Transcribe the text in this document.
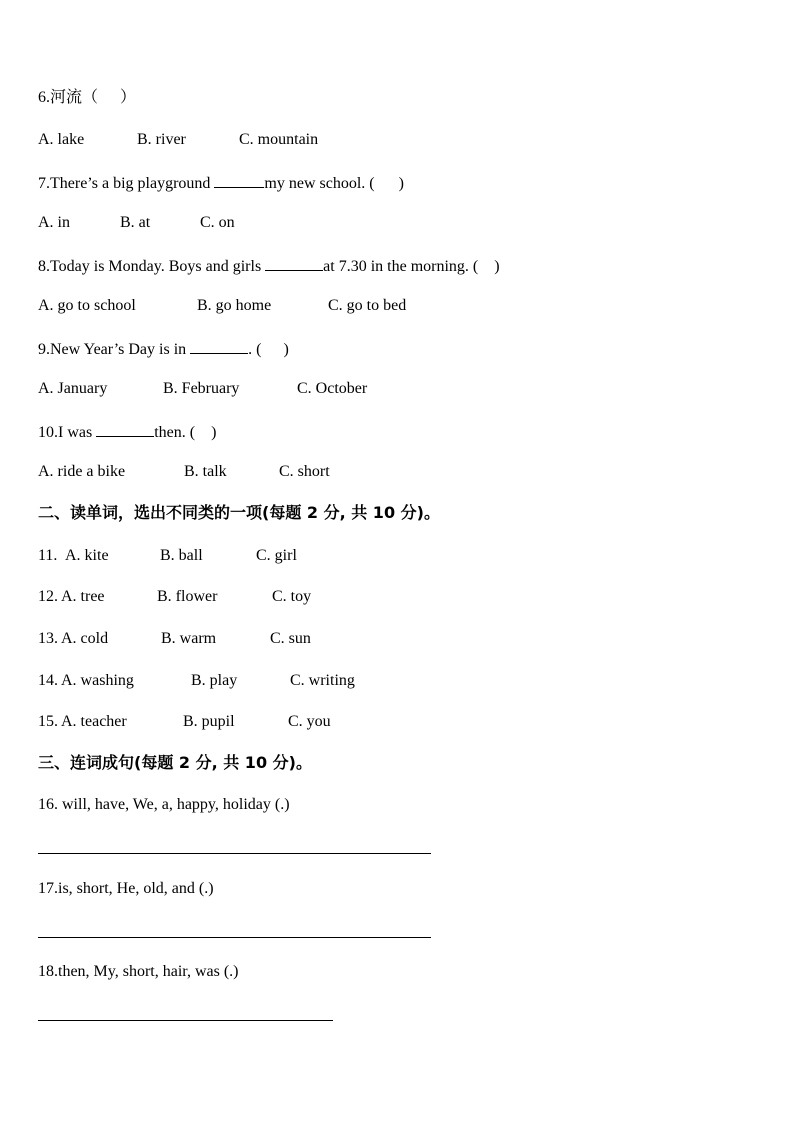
6.河流（ ）
A. lake	B. river	C. mountain
7.There’s a big playground	my new school. ( )
A. in	B. at	C. on
8.Today is Monday. Boys and girls	at 7.30 in the morning. ( )
A. go to school	B. go home	C. go to bed
9.New Year’s Day is in	. ( )
A. January	B. February	C. October
10.I was	then. ( )
A. ride a bike	B. talk	C. short
二、读单词，选出不同类的一项(每题 2 分, 共 10 分)。
11. A. kite	B. ball	C. girl
12. A. tree	B. flower	C. toy
13. A. cold	B. warm	C. sun
14. A. washing	B. play	C. writing
15. A. teacher	B. pupil	C. you
三、连词成句(每题 2 分, 共 10 分)。
16. will, have, We, a, happy, holiday (.)
17.is, short, He, old, and (.)
18.then, My, short, hair, was (.)
